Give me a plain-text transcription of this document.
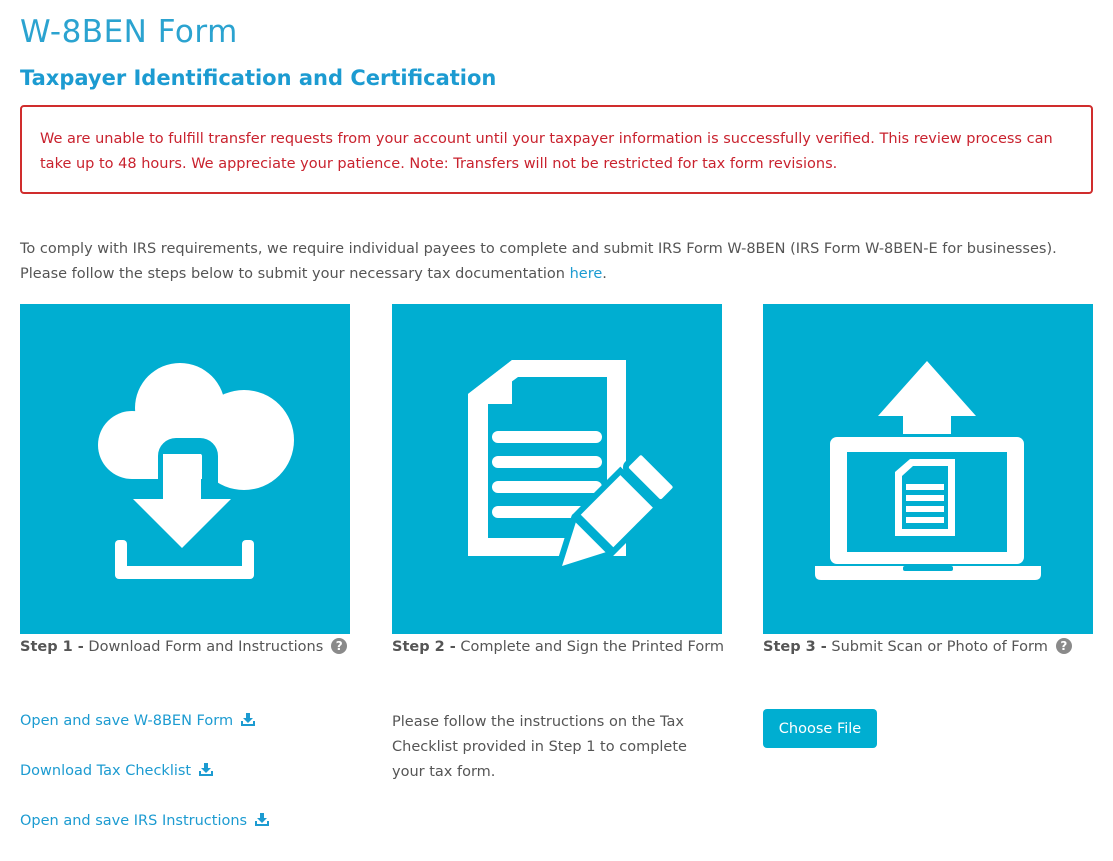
W-8BEN Form
Taxpayer Identification and Certification
We are unable to fulfill transfer requests from your account until your taxpayer information is successfully verified. This review process can take up to 48 hours. We appreciate your patience. Note: Transfers will not be restricted for tax form revisions.
To comply with IRS requirements, we require individual payees to complete and submit IRS Form W-8BEN (IRS Form W-8BEN-E for businesses). Please follow the steps below to submit your necessary tax documentation here.
Step 1 - Download Form and Instructions ?	Step 2 - Complete and Sign the Printed Form	Step 3 - Submit Scan or Photo of Form ?
Open and save W-8BEN Form
Download Tax Checklist
Open and save IRS Instructions
Please follow the instructions on the Tax Checklist provided in Step 1 to complete your tax form.
Choose File
